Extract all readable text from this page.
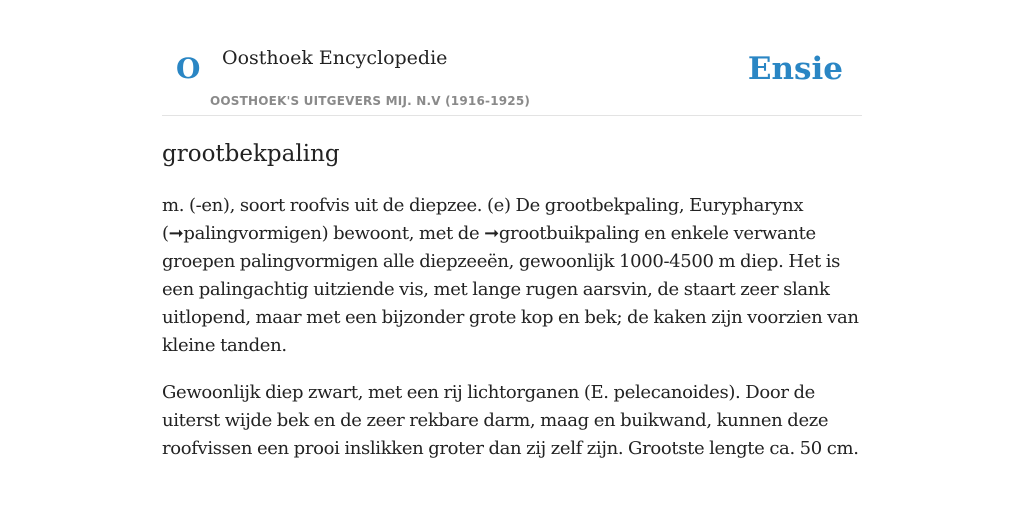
O Oosthoek Encyclopedie
OOSTHOEK'S UITGEVERS MIJ. N.V (1916-1925)
Ensie
grootbekpaling

m. (-en), soort roofvis uit de diepzee. (e) De grootbekpaling, Eurypharynx (➞palingvormigen) bewoont, met de ➞grootbuikpaling en enkele verwante groepen palingvormigen alle diepzeeën, gewoonlijk 1000-4500 m diep. Het is een palingachtig uitziende vis, met lange rugen aarsvin, de staart zeer slank uitlopend, maar met een bijzonder grote kop en bek; de kaken zijn voorzien van kleine tanden.

Gewoonlijk diep zwart, met een rij lichtorganen (E. pelecanoides). Door de uiterst wijde bek en de zeer rekbare darm, maag en buikwand, kunnen deze roofvissen een prooi inslikken groter dan zij zelf zijn. Grootste lengte ca. 50 cm.
